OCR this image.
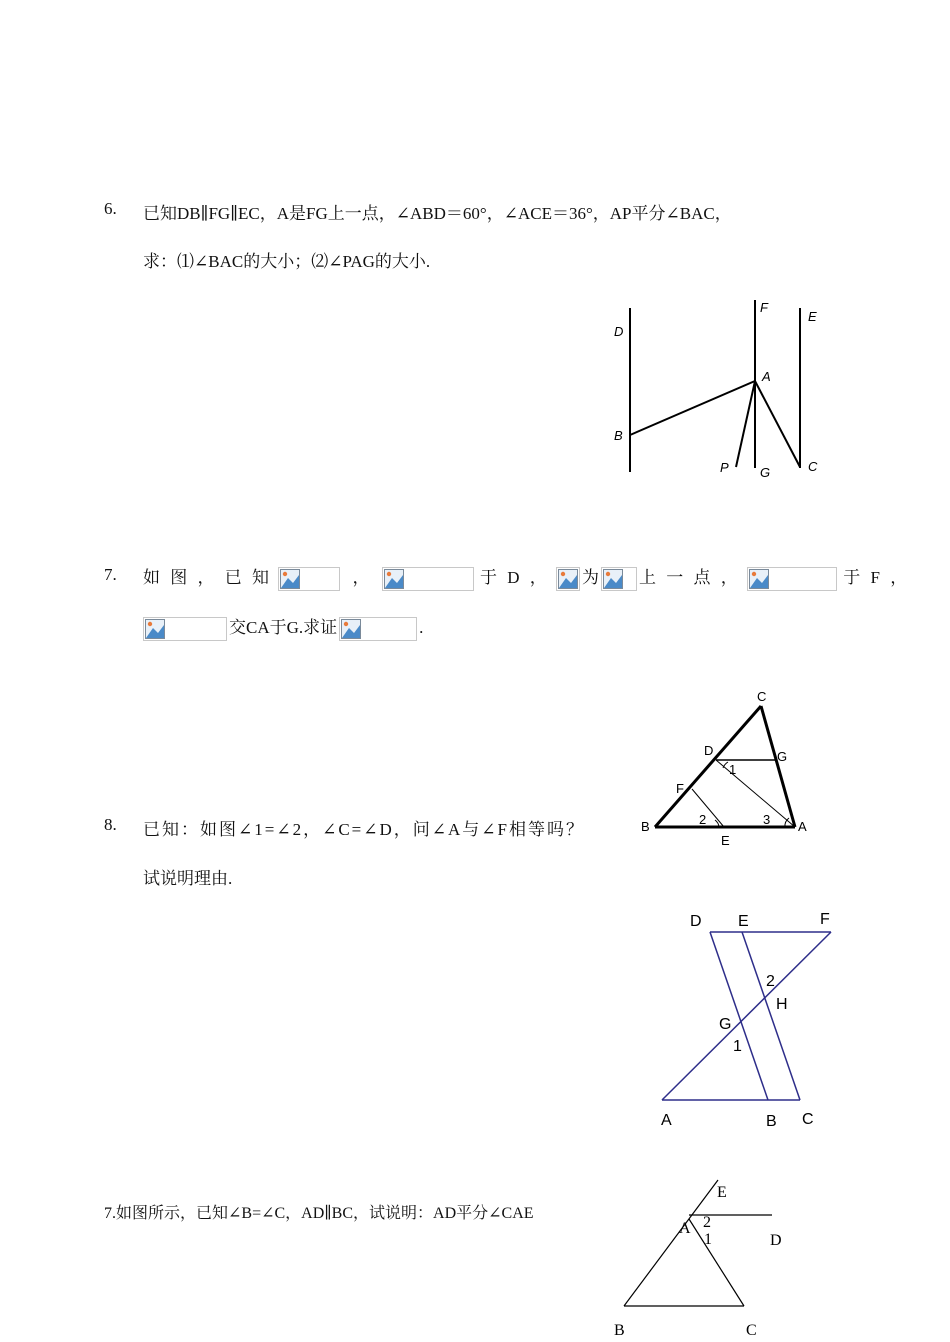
6. 已知DB∥FG∥EC，A是FG上一点，∠ABD＝60°，∠ACE＝36°，AP平分∠BAC，
求：⑴∠BAC的大小；⑵∠PAG的大小.
D
F
E
A
B
P G	C
7. 如 图 ， 已 知	，	于 D ， 为 上 一 点 ，	于 F ，
交CA于G.求证	.
C
D	G
1
F
B	2	3 A
E
8. 已知：如图∠1=∠2，∠C=∠D，问∠A与∠F相等吗？
试说明理由.
D E	F
2
H
G
1
A	B C
7.如图所示，已知∠B=∠C，AD∥BC，试说明：AD平分∠CAE
E
A 2
1	D
B	C
